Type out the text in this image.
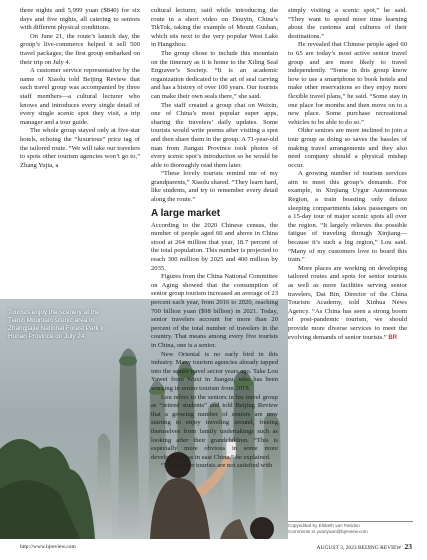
three nights and 5,999 yuan ($840) for six days and five nights, all catering to seniors with different physical conditions.

On June 21, the route’s launch day, the group’s live-commerce helped it sell 500 travel packages; the first group embarked on their trip on July 4.

A customer service representative by the name of Xiaolu told Beijing Review that each travel group was accompanied by three staff members—a cultural lecturer who knows and introduces every single detail of every single scenic spot they visit, a trip manager and a tour guide.

The whole group stayed only at five-star hotels, echoing the “luxurious” price tag of the tailored route. “We will take our travelers to spots other tourism agencies won’t go to,” Zhang Yujia, a

Tourists enjoy the scenery at the Tianzi Mountain scenic area in Zhangjiajie National Forest Park in Hunan Province on July 24

cultural lecturer, said while introducing the route in a short video on Douyin, China’s TikTok, taking the example of Mount Gushan, which sits next to the very popular West Lake in Hangzhou.

The group chose to include this mountain on the itinerary as it is home to the Xiling Seal Engraver’s Society. “It is an academic organization dedicated to the art of seal carving and has a history of over 100 years. Our tourists can make their own seals there,” she said.

The staff created a group chat on Weixin, one of China’s most popular super apps, sharing the travelers’ daily updates. Some tourists would write poems after visiting a spot and then share them in the group. A 71-year-old man from Jiangsu Province took photos of every scenic spot’s introduction so he would be able to thoroughly read them later.

“These lovely tourists remind me of my grandparents,” Xiaolu shared. “They learn hard, like students, and try to remember every detail along the route.”

A large market

According to the 2020 Chinese census, the number of people aged 60 and above in China stood at 264 million that year, 18.7 percent of the total population. This number is projected to reach 300 million by 2025 and 400 million by 2035.

Figures from the China National Committee on Aging showed that the consumption of senior group tourism increased an average of 23 percent each year, from 2016 to 2020, reaching 700 billion yuan ($98 billion) in 2021. Today, senior travelers account for more than 20 percent of the total number of travelers in the country. That means among every five tourists in China, one is a senior.

New Oriental is no early bird in this industry. Many tourism agencies already tapped into the senior travel sector years ago. Take Lou Yawei from Wuxi in Jiangsu, who has been working in senior tourism from 2018.

Lou refers to the seniors in his travel group as “retired students” and told Beijing Review that a growing number of seniors are now starting to enjoy traveling around, freeing themselves from family undertakings such as looking after their grandchildren. “This is especially more obvious in some more developed areas in east China,” he explained.

“Many older tourists are not satisfied with

simply visiting a scenic spot,” he said. “They want to spend more time learning about the customs and cultures of their destinations.”

He revealed that Chinese people aged 60 to 65 are today’s most active senior travel group and are more likely to travel independently. “Some in this group know how to use a smartphone to book hotels and make other reservations so they enjoy more flexible travel plans,” he said. “Some stay in one place for months and then move on to a new place. Some purchase recreational vehicles to be able to do so.”

Older seniors are more inclined to join a tour group as doing so saves the hassles of making travel arrangements and they also need company should a physical mishap occur.

A growing number of tourism services aim to meet this group’s demands. For example, in Xinjiang Uygur Autonomous Region, a train boasting only deluxe sleeping compartments takes passengers on a 15-day tour of major scenic spots all over the region. “It largely relieves the possible fatigue of traveling through Xinjiang—because it’s such a big region,” Lou said. “Many of my customers love to board this train.”

More places are working on developing tailored routes and spots for senior tourists as well as more facilities serving senior travelers, Dai Bin, Director of the China Tourism Academy, told Xinhua News Agency. “As China has seen a strong boom of post-pandemic tourism, we should provide more diverse services to meet the evolving demands of senior tourists.” BR

Copyedited by Elsbeth van Paridon
Comments to yuanyuan@bjreview.com
http://www.bjreview.com	AUGUST 3, 2023 BEIJING REVIEW 23
